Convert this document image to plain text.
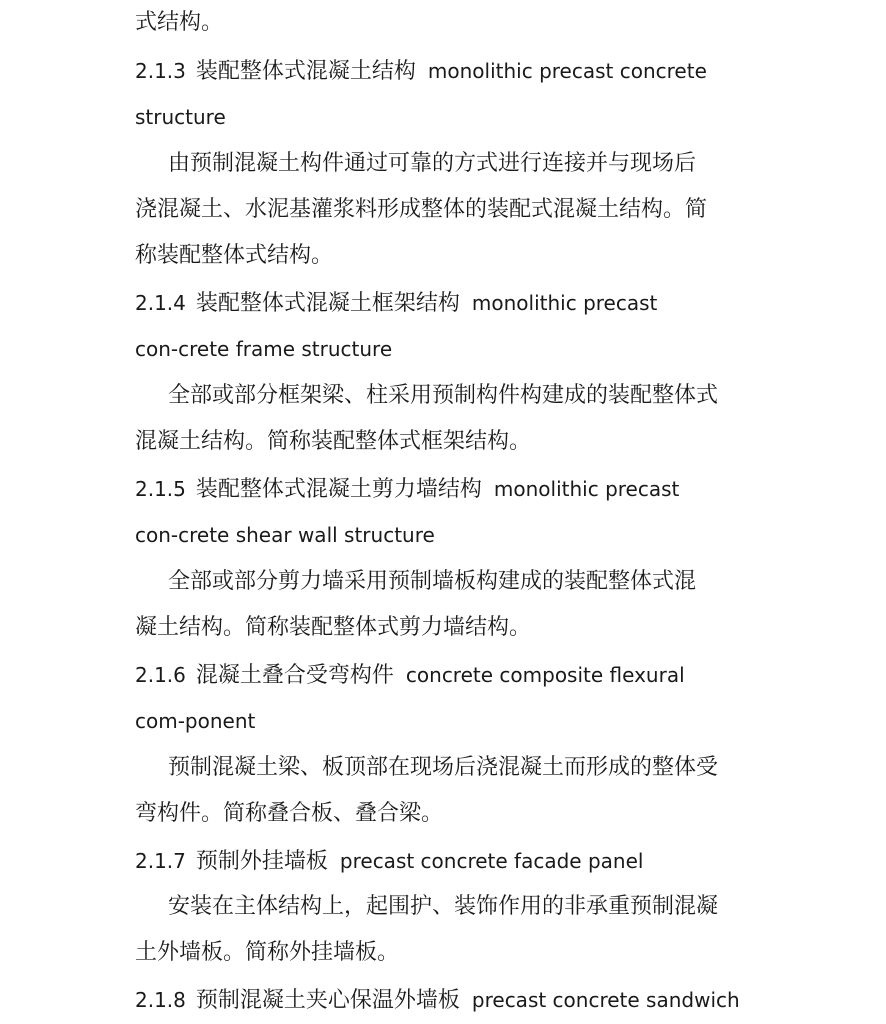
式结构。
2.1.3 装配整体式混凝土结构 monolithic precast concrete
structure
由预制混凝土构件通过可靠的方式进行连接并与现场后
浇混凝土、水泥基灌浆料形成整体的装配式混凝土结构。简
称装配整体式结构。
2.1.4 装配整体式混凝土框架结构 monolithic precast
con-crete frame structure
全部或部分框架梁、柱采用预制构件构建成的装配整体式
混凝土结构。简称装配整体式框架结构。
2.1.5 装配整体式混凝土剪力墙结构 monolithic precast
con-crete shear wall structure
全部或部分剪力墙采用预制墙板构建成的装配整体式混
凝土结构。简称装配整体式剪力墙结构。
2.1.6 混凝土叠合受弯构件 concrete composite flexural
com-ponent
预制混凝土梁、板顶部在现场后浇混凝土而形成的整体受
弯构件。简称叠合板、叠合梁。
2.1.7 预制外挂墙板 precast concrete facade panel
安装在主体结构上，起围护、装饰作用的非承重预制混凝
土外墙板。简称外挂墙板。
2.1.8 预制混凝土夹心保温外墙板 precast concrete sandwich
